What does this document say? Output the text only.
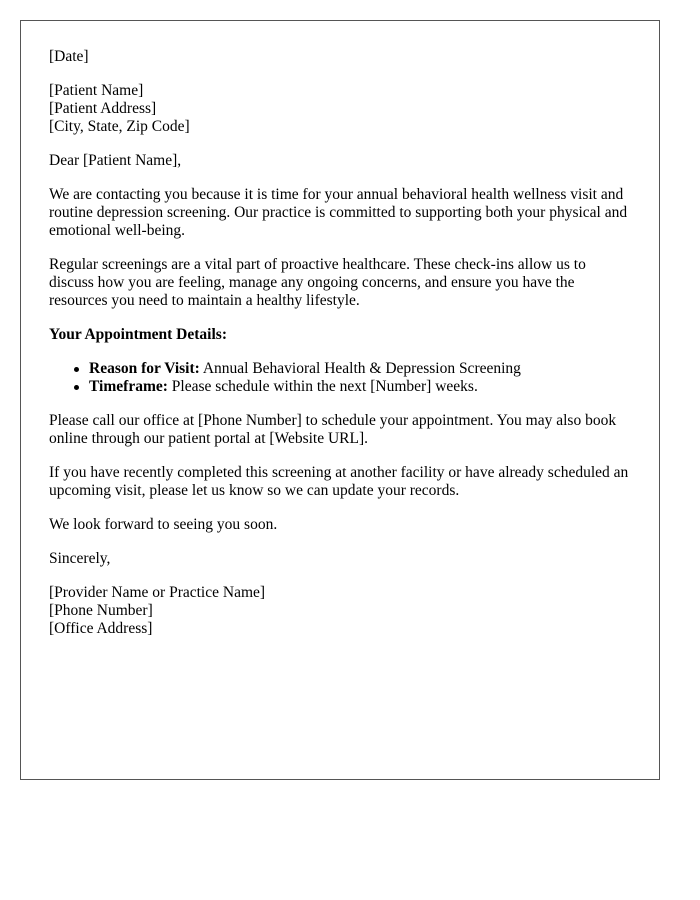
[Date]

[Patient Name]
[Patient Address]
[City, State, Zip Code]

Dear [Patient Name],

We are contacting you because it is time for your annual behavioral health wellness visit and routine depression screening. Our practice is committed to supporting both your physical and emotional well-being.

Regular screenings are a vital part of proactive healthcare. These check-ins allow us to discuss how you are feeling, manage any ongoing concerns, and ensure you have the resources you need to maintain a healthy lifestyle.

Your Appointment Details:

Reason for Visit: Annual Behavioral Health & Depression Screening
Timeframe: Please schedule within the next [Number] weeks.

Please call our office at [Phone Number] to schedule your appointment. You may also book online through our patient portal at [Website URL].

If you have recently completed this screening at another facility or have already scheduled an upcoming visit, please let us know so we can update your records.

We look forward to seeing you soon.

Sincerely,

[Provider Name or Practice Name]
[Phone Number]
[Office Address]
